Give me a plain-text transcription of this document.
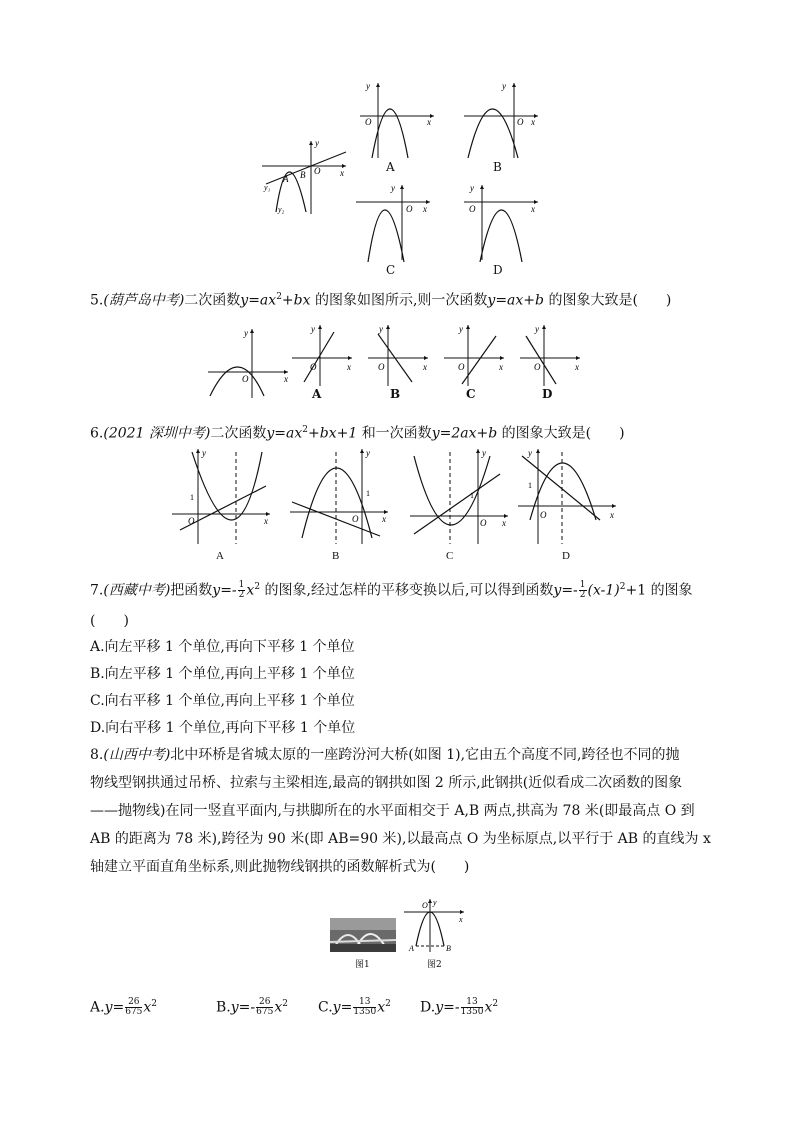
y
x
O
A B
y₁
y₂
y
O	x
A
y
O x
B
y
O x
C
y
O	x
D
5.(葫芦岛中考)二次函数$y=ax^2+bx$ 的图象如图所示,则一次函数y=ax+b 的图象大致是(　　)
y
O	x
y
O	x
A
y
O	x
B
y
O	x
C
y
O	x
D
6.(2021 深圳中考)二次函数$y=ax^2+bx+1$ 和一次函数y=2ax+b 的图象大致是(　　)
y
1
O	x
A
y
1
O	x
B
y
1
O x
C
y
1
O	x
D
7.(西藏中考)把函数$y=- \frac{1}{2} x^2$ 的图象,经过怎样的平移变换以后,可以得到函数$y=- \frac{1}{2} (x-1)^2+1$ 的图象
(　　)
A.向左平移 1 个单位,再向下平移 1 个单位
B.向左平移 1 个单位,再向上平移 1 个单位
C.向右平移 1 个单位,再向上平移 1 个单位
D.向右平移 1 个单位,再向下平移 1 个单位
8.(山西中考)北中环桥是省城太原的一座跨汾河大桥(如图 1),它由五个高度不同,跨径也不同的抛
物线型钢拱通过吊桥、拉索与主梁相连,最高的钢拱如图 2 所示,此钢拱(近似看成二次函数的图象
——抛物线)在同一竖直平面内,与拱脚所在的水平面相交于 A,B 两点,拱高为 78 米(即最高点 O 到
AB 的距离为 78 米),跨径为 90 米(即 AB=90 米),以最高点 O 为坐标原点,以平行于 AB 的直线为 x
轴建立平面直角坐标系,则此抛物线钢拱的函数解析式为(　　)
图1
O y
x
A	B
图2
$A.y= \frac{26}{675} x^2$	$B.y=- \frac{26}{675} x^2$ $C.y= \frac{13}{1350} x^2$ $D.y=- \frac{13}{1350} x^2$
